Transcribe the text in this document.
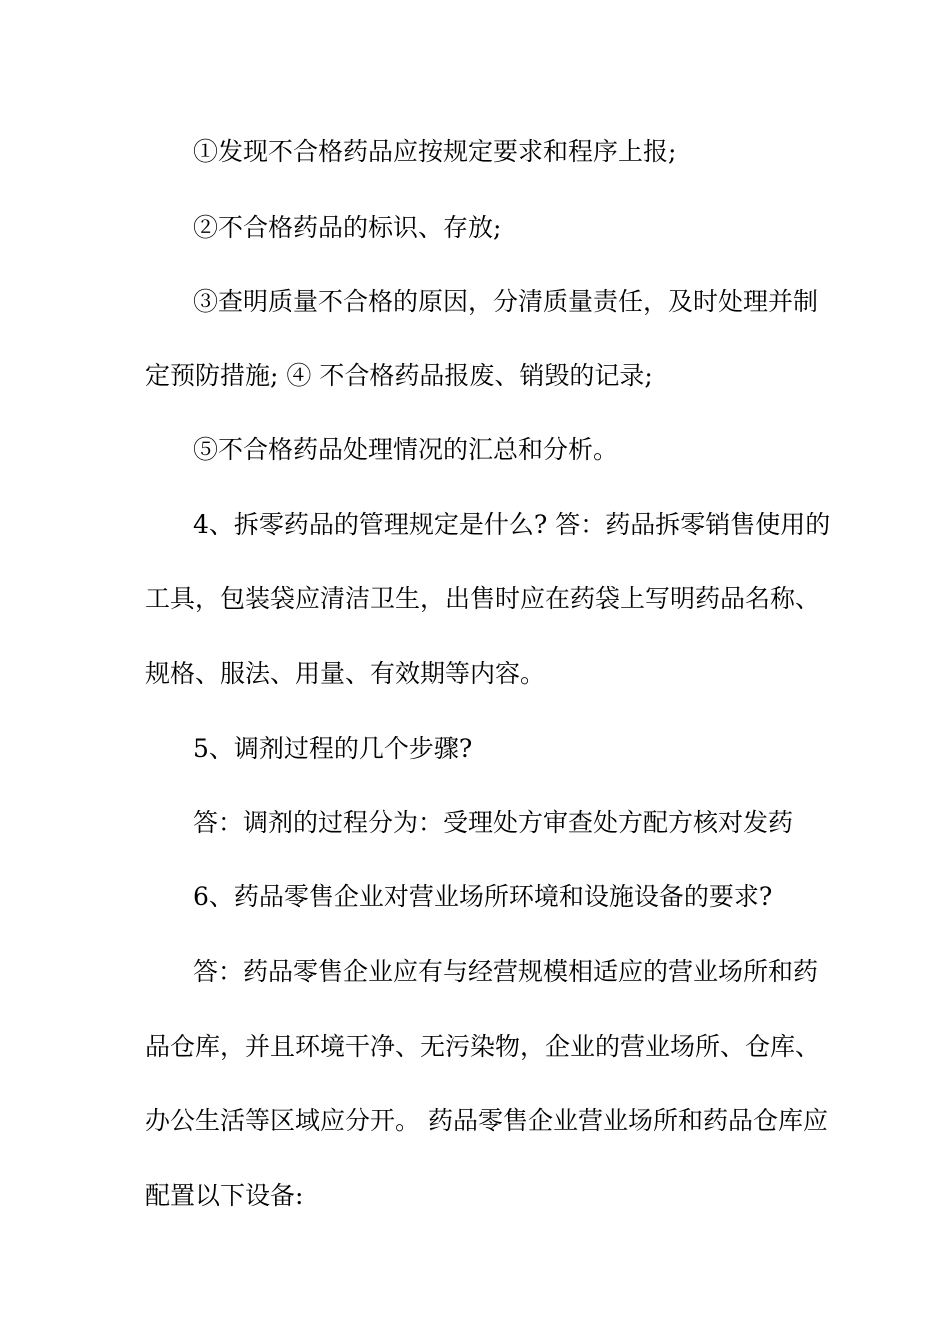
①发现不合格药品应按规定要求和程序上报;
②不合格药品的标识、存放;
③查明质量不合格的原因，分清质量责任，及时处理并制
定预防措施; ④ 不合格药品报废、销毁的记录;
⑤不合格药品处理情况的汇总和分析。
4、拆零药品的管理规定是什么? 答：药品拆零销售使用的
工具，包装袋应清洁卫生，出售时应在药袋上写明药品名称、
规格、服法、用量、有效期等内容。
5、调剂过程的几个步骤?
答：调剂的过程分为：受理处方审查处方配方核对发药
6、药品零售企业对营业场所环境和设施设备的要求?
答：药品零售企业应有与经营规模相适应的营业场所和药
品仓库，并且环境干净、无污染物，企业的营业场所、仓库、
办公生活等区域应分开。 药品零售企业营业场所和药品仓库应
配置以下设备:
